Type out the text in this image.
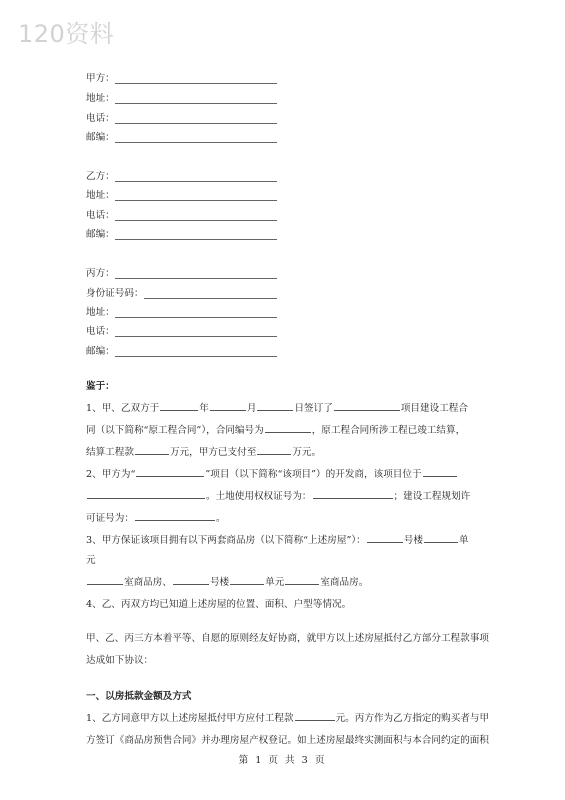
120资料
甲方：
地址：
电话：
邮编：
乙方：
地址：
电话：
邮编：
丙方：
身份证号码：
地址：
电话：
邮编：
鉴于：
1、甲、乙双方于	年	月	日签订了	项目建设工程合
同（以下简称“原工程合同”），合同编号为	，原工程合同所涉工程已竣工结算，
结算工程款	万元，甲方已支付至	万元。
2、甲方为“	”项目（以下简称“该项目”）的开发商，该项目位于
。土地使用权权证号为：	；建设工程规划许
可证号为：	。
3、甲方保证该项目拥有以下两套商品房（以下简称“上述房屋”）：	号楼	单
元
室商品房、	号楼	单元	室商品房。
4、乙、丙双方均已知道上述房屋的位置、面积、户型等情况。
甲、乙、丙三方本着平等、自愿的原则经友好协商，就甲方以上述房屋抵付乙方部分工程款事项
达成如下协议：
一、以房抵款金额及方式
1、乙方同意甲方以上述房屋抵付甲方应付工程款	元。丙方作为乙方指定的购买者与甲
方签订《商品房预售合同》并办理房屋产权登记。如上述房屋最终实测面积与本合同约定的面积
第 1 页 共 3 页
